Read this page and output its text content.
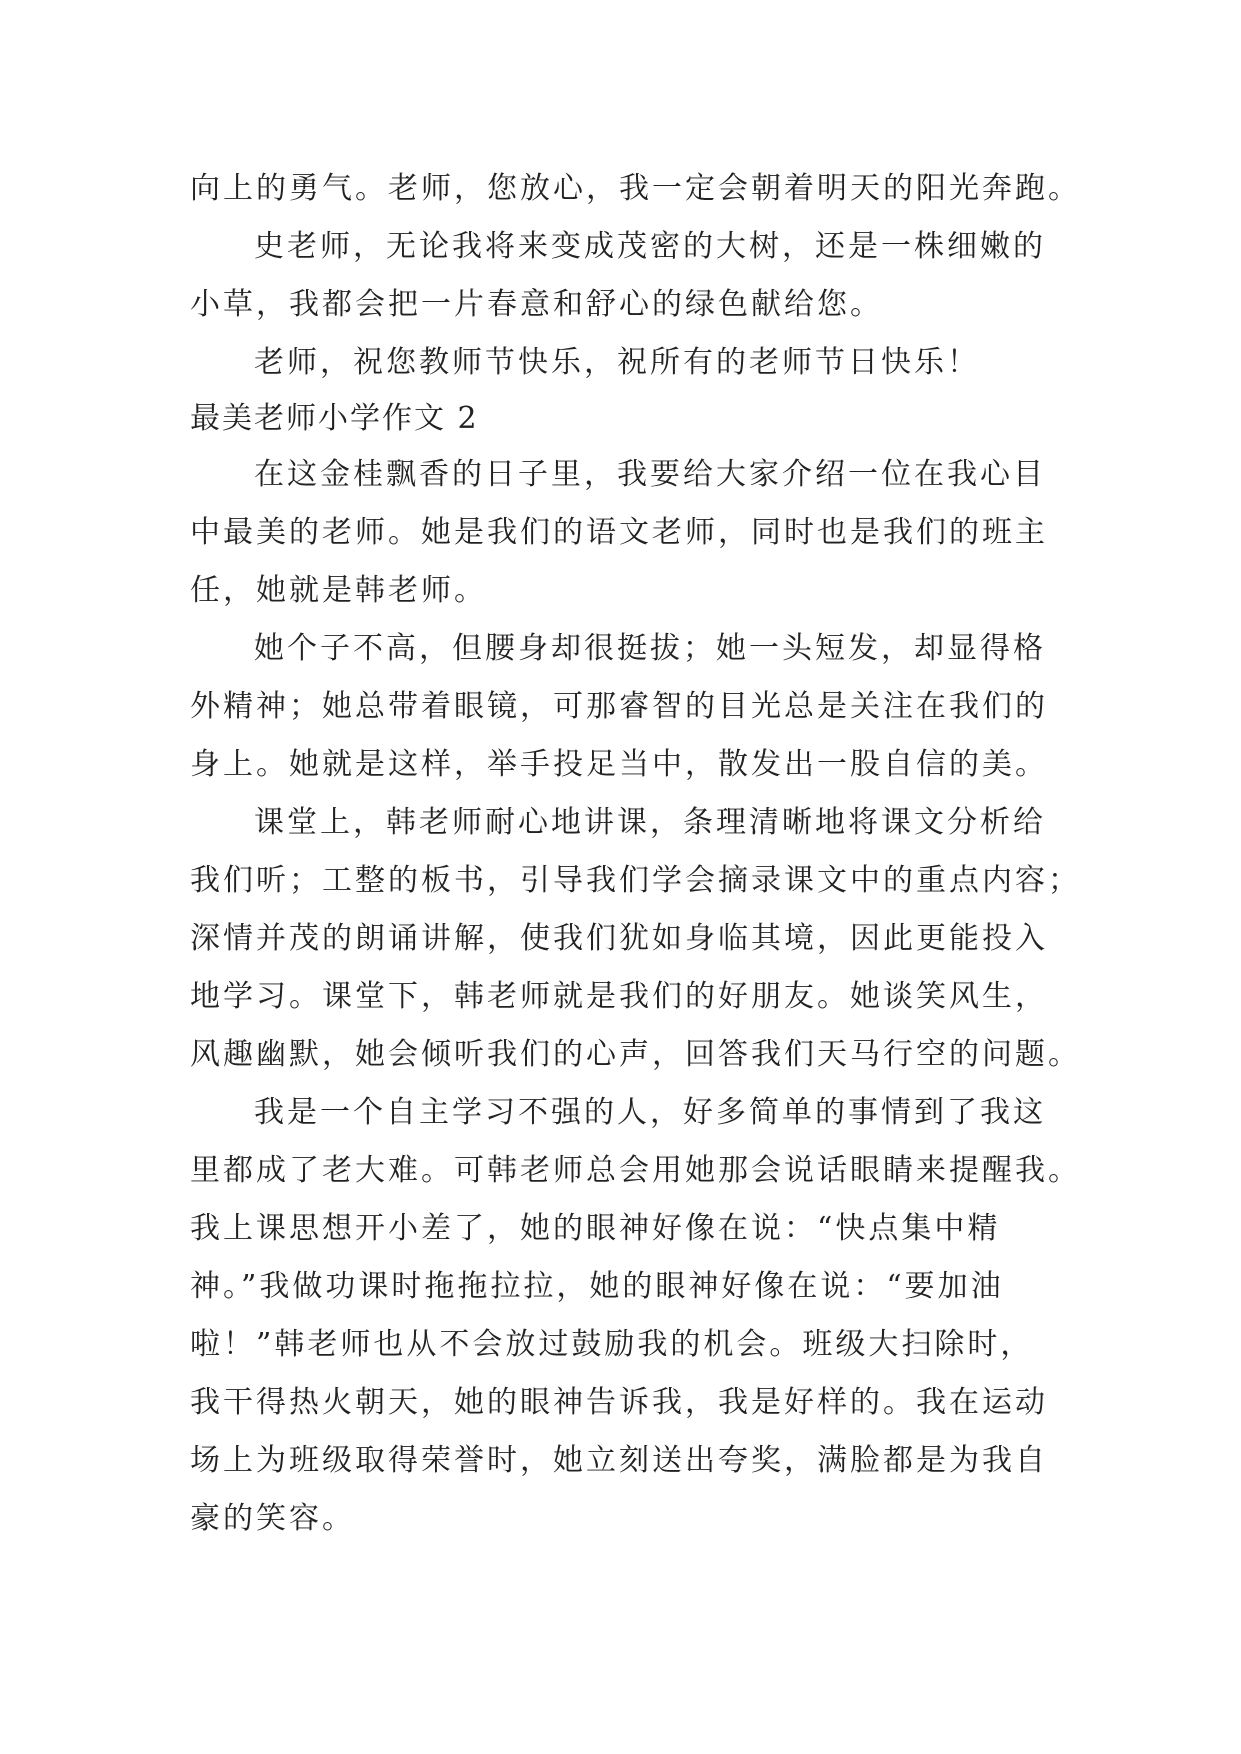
向上的勇气。老师，您放心，我一定会朝着明天的阳光奔跑。

史老师，无论我将来变成茂密的大树，还是一株细嫩的
小草，我都会把一片春意和舒心的绿色献给您。

老师，祝您教师节快乐，祝所有的老师节日快乐！

最美老师小学作文 2

在这金桂飘香的日子里，我要给大家介绍一位在我心目
中最美的老师。她是我们的语文老师，同时也是我们的班主
任，她就是韩老师。

她个子不高，但腰身却很挺拔；她一头短发，却显得格
外精神；她总带着眼镜，可那睿智的目光总是关注在我们的
身上。她就是这样，举手投足当中，散发出一股自信的美。

课堂上，韩老师耐心地讲课，条理清晰地将课文分析给
我们听；工整的板书，引导我们学会摘录课文中的重点内容；
深情并茂的朗诵讲解，使我们犹如身临其境，因此更能投入
地学习。课堂下，韩老师就是我们的好朋友。她谈笑风生，
风趣幽默，她会倾听我们的心声，回答我们天马行空的问题。

我是一个自主学习不强的人，好多简单的事情到了我这
里都成了老大难。可韩老师总会用她那会说话眼睛来提醒我。
我上课思想开小差了，她的眼神好像在说：“快点集中精
神。”我做功课时拖拖拉拉，她的眼神好像在说：“要加油
啦！”韩老师也从不会放过鼓励我的机会。班级大扫除时，
我干得热火朝天，她的眼神告诉我，我是好样的。我在运动
场上为班级取得荣誉时，她立刻送出夸奖，满脸都是为我自
豪的笑容。
